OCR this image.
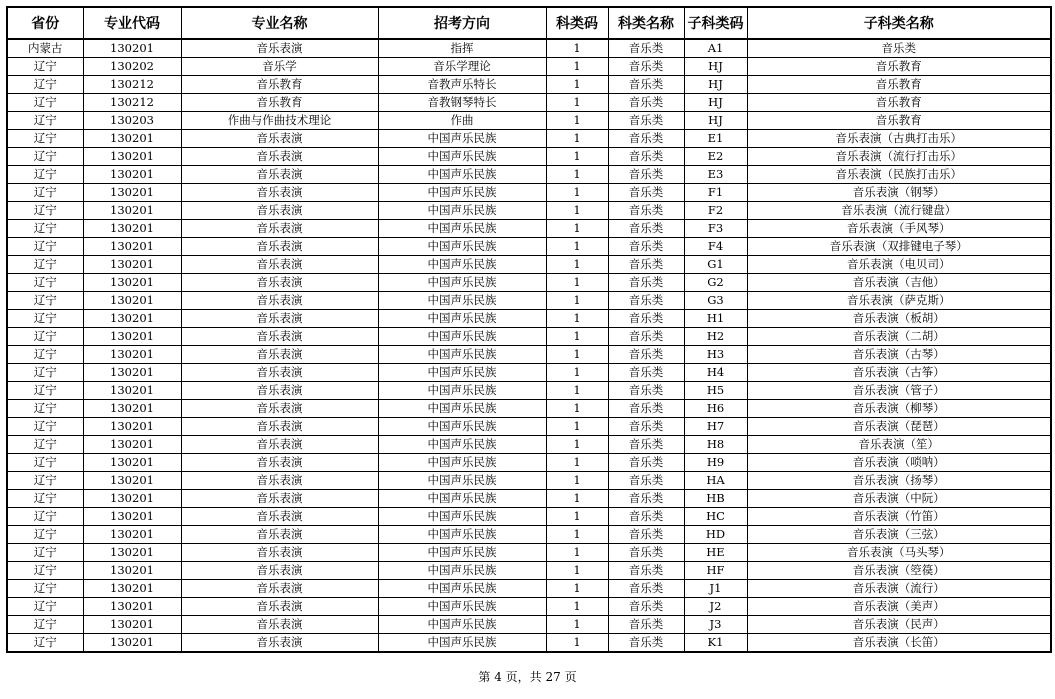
省份	专业代码	专业名称	招考方向	科类码	科类名称	子科类码	子科类名称
内蒙古	130201	音乐表演	指挥	1	音乐类	A1	音乐类
辽宁	130202	音乐学	音乐学理论	1	音乐类	HJ	音乐教育
辽宁	130212	音乐教育	音教声乐特长	1	音乐类	HJ	音乐教育
辽宁	130212	音乐教育	音教钢琴特长	1	音乐类	HJ	音乐教育
辽宁	130203	作曲与作曲技术理论	作曲	1	音乐类	HJ	音乐教育
辽宁	130201	音乐表演	中国声乐民族	1	音乐类	E1	音乐表演（古典打击乐）
辽宁	130201	音乐表演	中国声乐民族	1	音乐类	E2	音乐表演（流行打击乐）
辽宁	130201	音乐表演	中国声乐民族	1	音乐类	E3	音乐表演（民族打击乐）
辽宁	130201	音乐表演	中国声乐民族	1	音乐类	F1	音乐表演（钢琴）
辽宁	130201	音乐表演	中国声乐民族	1	音乐类	F2	音乐表演（流行键盘）
辽宁	130201	音乐表演	中国声乐民族	1	音乐类	F3	音乐表演（手风琴）
辽宁	130201	音乐表演	中国声乐民族	1	音乐类	F4	音乐表演（双排键电子琴）
辽宁	130201	音乐表演	中国声乐民族	1	音乐类	G1	音乐表演（电贝司）
辽宁	130201	音乐表演	中国声乐民族	1	音乐类	G2	音乐表演（吉他）
辽宁	130201	音乐表演	中国声乐民族	1	音乐类	G3	音乐表演（萨克斯）
辽宁	130201	音乐表演	中国声乐民族	1	音乐类	H1	音乐表演（板胡）
辽宁	130201	音乐表演	中国声乐民族	1	音乐类	H2	音乐表演（二胡）
辽宁	130201	音乐表演	中国声乐民族	1	音乐类	H3	音乐表演（古琴）
辽宁	130201	音乐表演	中国声乐民族	1	音乐类	H4	音乐表演（古筝）
辽宁	130201	音乐表演	中国声乐民族	1	音乐类	H5	音乐表演（管子）
辽宁	130201	音乐表演	中国声乐民族	1	音乐类	H6	音乐表演（柳琴）
辽宁	130201	音乐表演	中国声乐民族	1	音乐类	H7	音乐表演（琵琶）
辽宁	130201	音乐表演	中国声乐民族	1	音乐类	H8	音乐表演（笙）
辽宁	130201	音乐表演	中国声乐民族	1	音乐类	H9	音乐表演（唢呐）
辽宁	130201	音乐表演	中国声乐民族	1	音乐类	HA	音乐表演（扬琴）
辽宁	130201	音乐表演	中国声乐民族	1	音乐类	HB	音乐表演（中阮）
辽宁	130201	音乐表演	中国声乐民族	1	音乐类	HC	音乐表演（竹笛）
辽宁	130201	音乐表演	中国声乐民族	1	音乐类	HD	音乐表演（三弦）
辽宁	130201	音乐表演	中国声乐民族	1	音乐类	HE	音乐表演（马头琴）
辽宁	130201	音乐表演	中国声乐民族	1	音乐类	HF	音乐表演（箜篌）
辽宁	130201	音乐表演	中国声乐民族	1	音乐类	J1	音乐表演（流行）
辽宁	130201	音乐表演	中国声乐民族	1	音乐类	J2	音乐表演（美声）
辽宁	130201	音乐表演	中国声乐民族	1	音乐类	J3	音乐表演（民声）
辽宁	130201	音乐表演	中国声乐民族	1	音乐类	K1	音乐表演（长笛）
第 4 页，共 27 页
